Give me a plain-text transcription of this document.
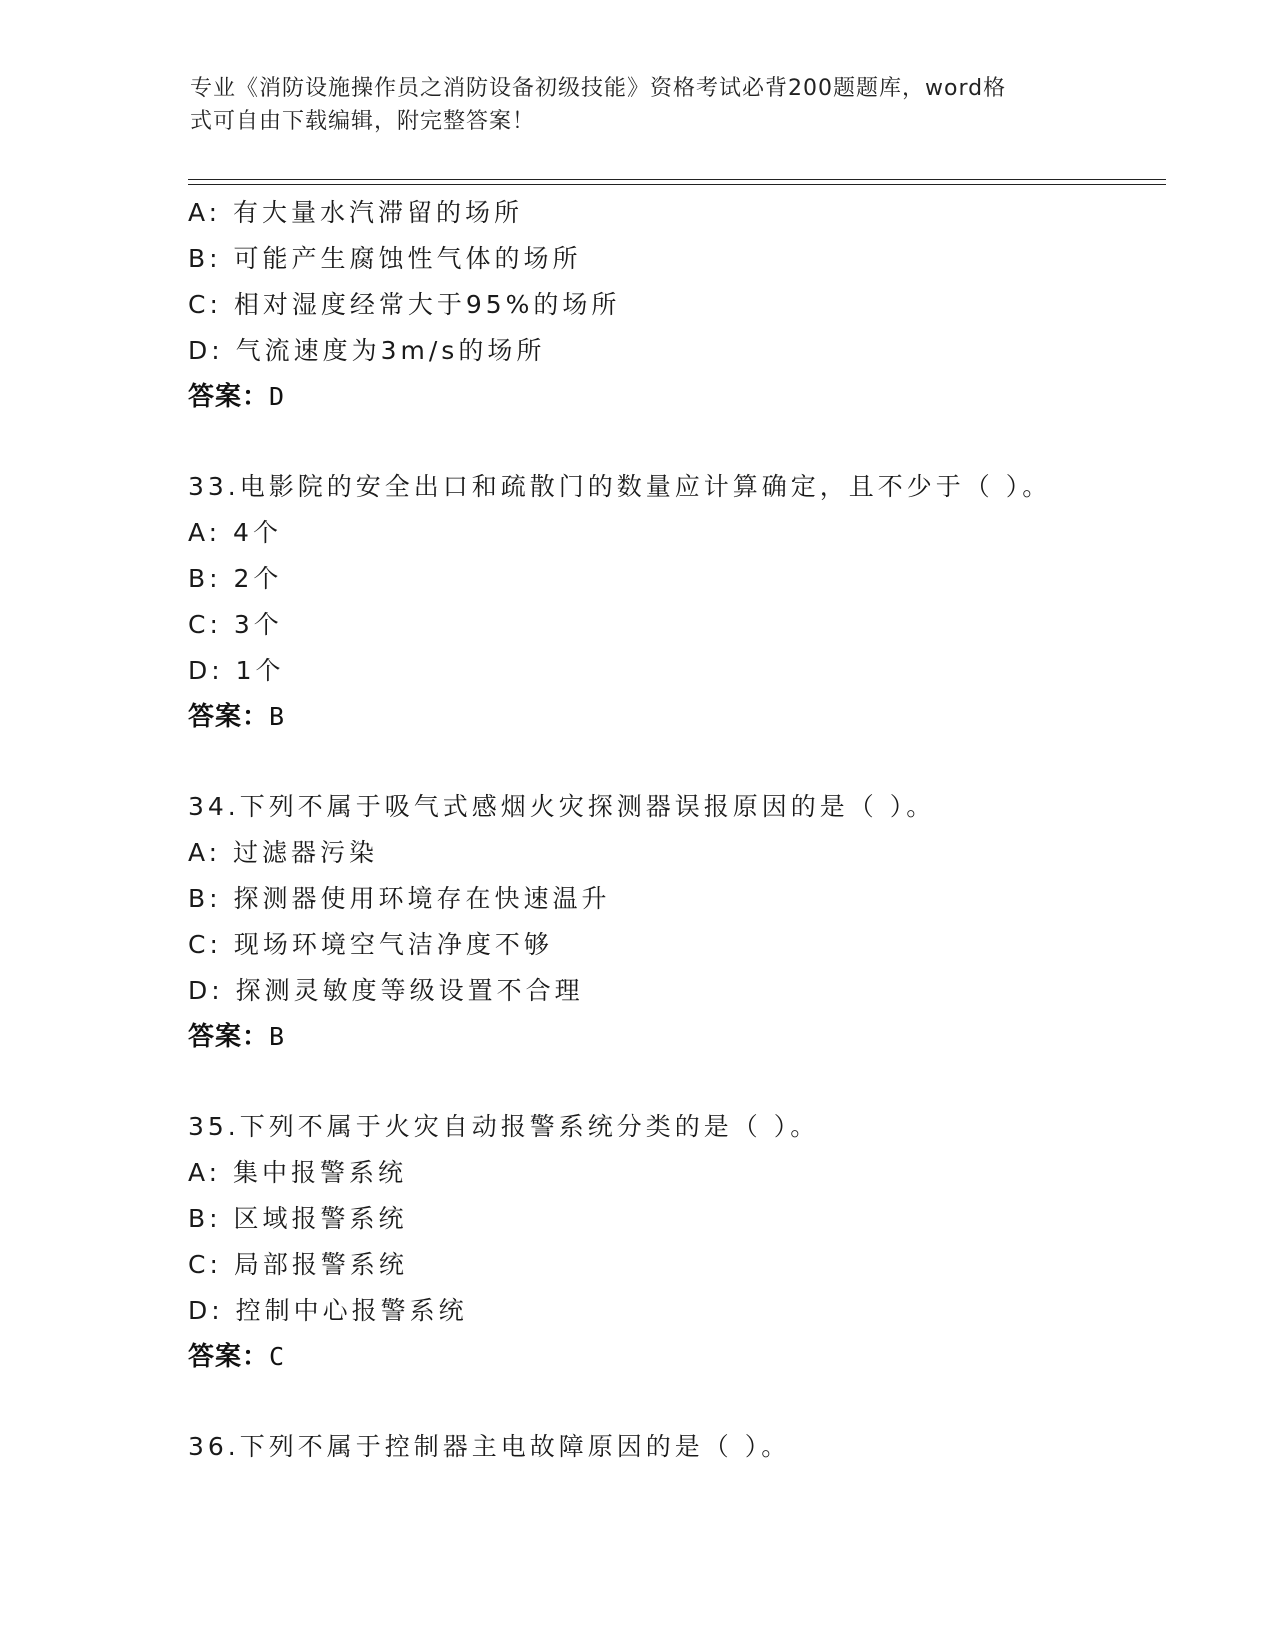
专业《消防设施操作员之消防设备初级技能》资格考试必背200题题库，word格
式可自由下载编辑，附完整答案！
A: 有大量水汽滞留的场所
B: 可能产生腐蚀性气体的场所
C: 相对湿度经常大于95%的场所
D: 气流速度为3m/s的场所
答案：D
33.电影院的安全出口和疏散门的数量应计算确定，且不少于（ ）。
A: 4个
B: 2个
C: 3个
D: 1个
答案：B
34.下列不属于吸气式感烟火灾探测器误报原因的是（ ）。
A: 过滤器污染
B: 探测器使用环境存在快速温升
C: 现场环境空气洁净度不够
D: 探测灵敏度等级设置不合理
答案：B
35.下列不属于火灾自动报警系统分类的是（ ）。
A: 集中报警系统
B: 区域报警系统
C: 局部报警系统
D: 控制中心报警系统
答案：C
36.下列不属于控制器主电故障原因的是（ ）。
